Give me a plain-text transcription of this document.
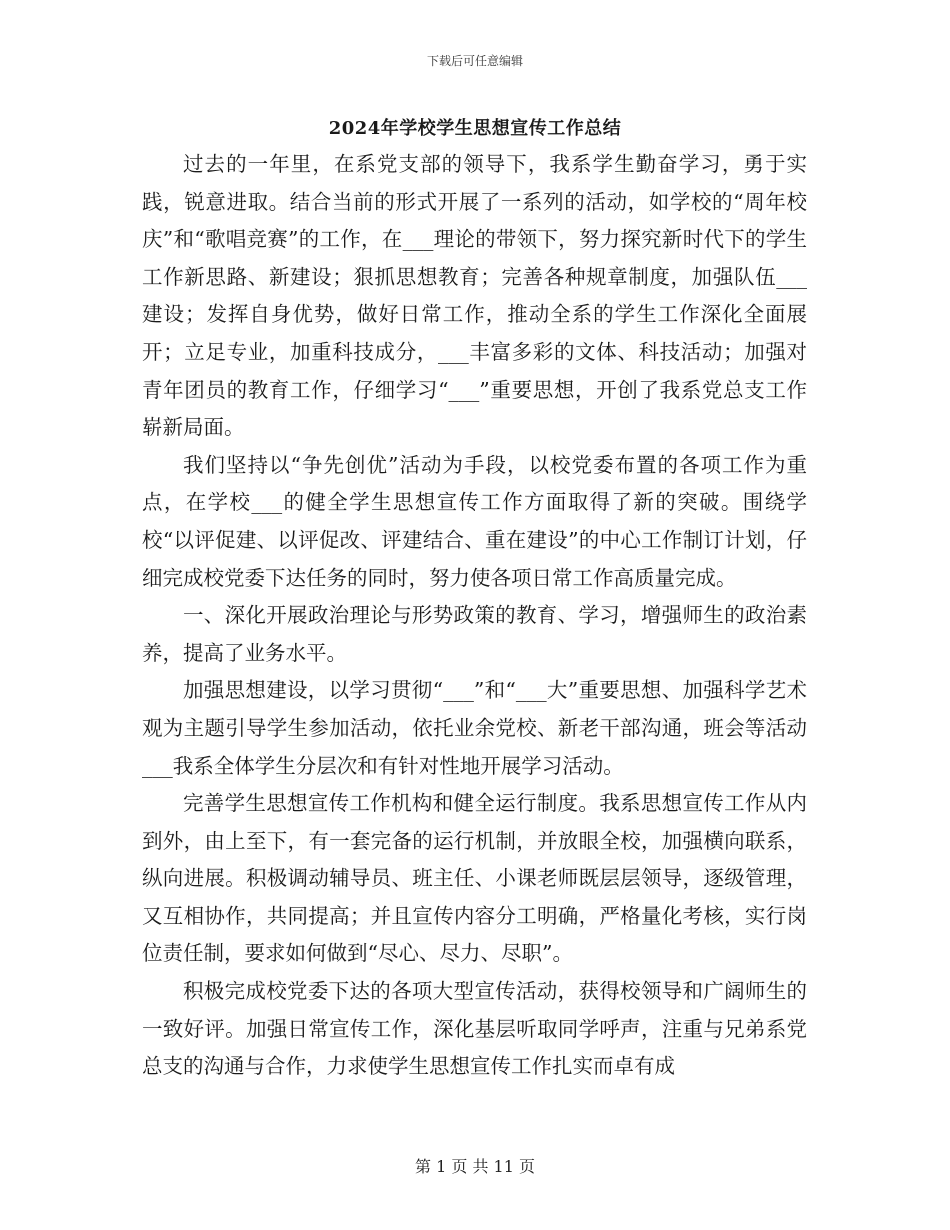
下载后可任意编辑
2024年学校学生思想宣传工作总结

过去的一年里，在系党支部的领导下，我系学生勤奋学习，勇于实践，锐意进取。结合当前的形式开展了一系列的活动，如学校的“周年校庆”和“歌唱竞赛”的工作，在___理论的带领下，努力探究新时代下的学生工作新思路、新建设；狠抓思想教育；完善各种规章制度，加强队伍___建设；发挥自身优势，做好日常工作，推动全系的学生工作深化全面展开；立足专业，加重科技成分，___丰富多彩的文体、科技活动；加强对青年团员的教育工作，仔细学习“___”重要思想，开创了我系党总支工作崭新局面。

我们坚持以“争先创优”活动为手段，以校党委布置的各项工作为重点，在学校___的健全学生思想宣传工作方面取得了新的突破。围绕学校“以评促建、以评促改、评建结合、重在建设”的中心工作制订计划，仔细完成校党委下达任务的同时，努力使各项日常工作高质量完成。

一、深化开展政治理论与形势政策的教育、学习，增强师生的政治素养，提高了业务水平。

加强思想建设，以学习贯彻“___”和“___大”重要思想、加强科学艺术观为主题引导学生参加活动，依托业余党校、新老干部沟通，班会等活动___我系全体学生分层次和有针对性地开展学习活动。

完善学生思想宣传工作机构和健全运行制度。我系思想宣传工作从内到外，由上至下，有一套完备的运行机制，并放眼全校，加强横向联系，纵向进展。积极调动辅导员、班主任、小课老师既层层领导，逐级管理，又互相协作，共同提高；并且宣传内容分工明确，严格量化考核，实行岗位责任制，要求如何做到“尽心、尽力、尽职”。

积极完成校党委下达的各项大型宣传活动，获得校领导和广阔师生的一致好评。加强日常宣传工作，深化基层听取同学呼声，注重与兄弟系党总支的沟通与合作，力求使学生思想宣传工作扎实而卓有成

第 1 页 共 11 页
